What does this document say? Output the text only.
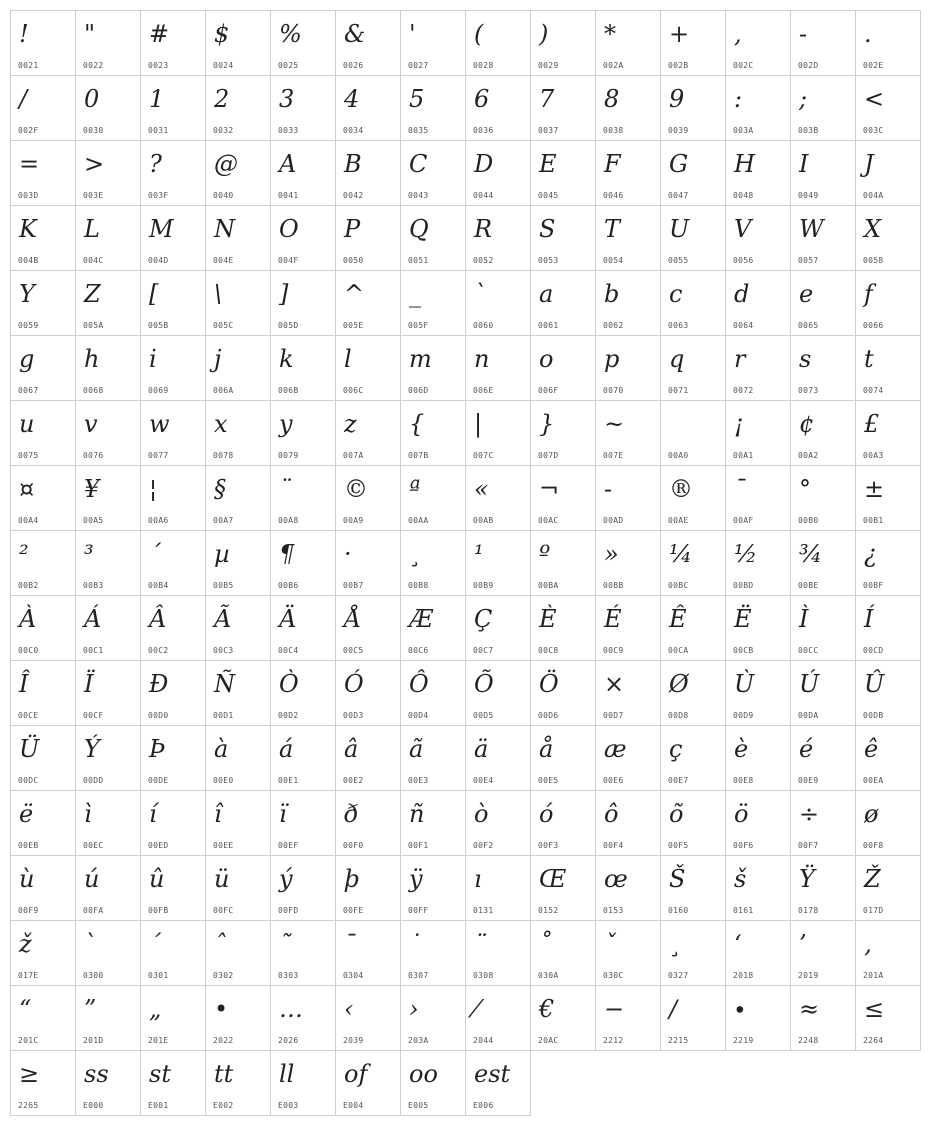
!
0021
"
0022
#
0023
$
0024
%
0025
&
0026
'
0027
(
0028
)
0029
*
002A
+
002B
,
002C
-
002D
.
002E
/
002F
0
0030
1
0031
2
0032
3
0033
4
0034
5
0035
6
0036
7
0037
8
0038
9
0039
:
003A
;
003B
<
003C
=
003D
>
003E
?
003F
@
0040
A
0041
B
0042
C
0043
D
0044
E
0045
F
0046
G
0047
H
0048
I
0049
J
004A
K
004B
L
004C
M
004D
N
004E
O
004F
P
0050
Q
0051
R
0052
S
0053
T
0054
U
0055
V
0056
W
0057
X
0058
Y
0059
Z
005A
[
005B
\
005C
]
005D
^
005E
_
005F
`
0060
a
0061
b
0062
c
0063
d
0064
e
0065
f
0066
g
0067
h
0068
i
0069
j
006A
k
006B
l
006C
m
006D
n
006E
o
006F
p
0070
q
0071
r
0072
s
0073
t
0074
u
0075
v
0076
w
0077
x
0078
y
0079
z
007A
{
007B
|
007C
}
007D
~
007E	00A0
¡
00A1
¢
00A2
£
00A3
¤
00A4
¥
00A5
¦
00A6
§
00A7
¨
00A8
©
00A9
ª
00AA
«
00AB
¬
00AC
-
00AD
®
00AE
¯
00AF
°
00B0
±
00B1
²
00B2
³
00B3
´
00B4
µ
00B5
¶
00B6
·
00B7
¸
00B8
¹
00B9
º
00BA
»
00BB
¼
00BC
½
00BD
¾
00BE
¿
00BF
À
00C0
Á
00C1
Â
00C2
Ã
00C3
Ä
00C4
Å
00C5
Æ
00C6
Ç
00C7
È
00C8
É
00C9
Ê
00CA
Ë
00CB
Ì
00CC
Í
00CD
Î
00CE
Ï
00CF
Ð
00D0
Ñ
00D1
Ò
00D2
Ó
00D3
Ô
00D4
Õ
00D5
Ö
00D6
×
00D7
Ø
00D8
Ù
00D9
Ú
00DA
Û
00DB
Ü
00DC
Ý
00DD
Þ
00DE
à
00E0
á
00E1
â
00E2
ã
00E3
ä
00E4
å
00E5
æ
00E6
ç
00E7
è
00E8
é
00E9
ê
00EA
ë
00EB
ì
00EC
í
00ED
î
00EE
ï
00EF
ð
00F0
ñ
00F1
ò
00F2
ó
00F3
ô
00F4
õ
00F5
ö
00F6
÷
00F7
ø
00F8
ù
00F9
ú
00FA
û
00FB
ü
00FC
ý
00FD
þ
00FE
ÿ
00FF
ı
0131
Œ
0152
œ
0153
Š
0160
š
0161
Ÿ
0178
Ž
017D
ž
017E
`
0300
´
0301
ˆ
0302
˜
0303
¯
0304
˙
0307
¨
0308
˚
030A
ˇ
030C
¸
0327
‘
2018
’
2019
‚
201A
“
201C
”
201D
„
201E
•
2022
…
2026
‹
2039
›
203A
⁄
2044
€
20AC
−
2212
∕
2215
∙
2219
≈
2248
≤
2264
≥
2265
ss
E000
st
E001
tt
E002
ll
E003
of
E004
oo
E005
est
E006
